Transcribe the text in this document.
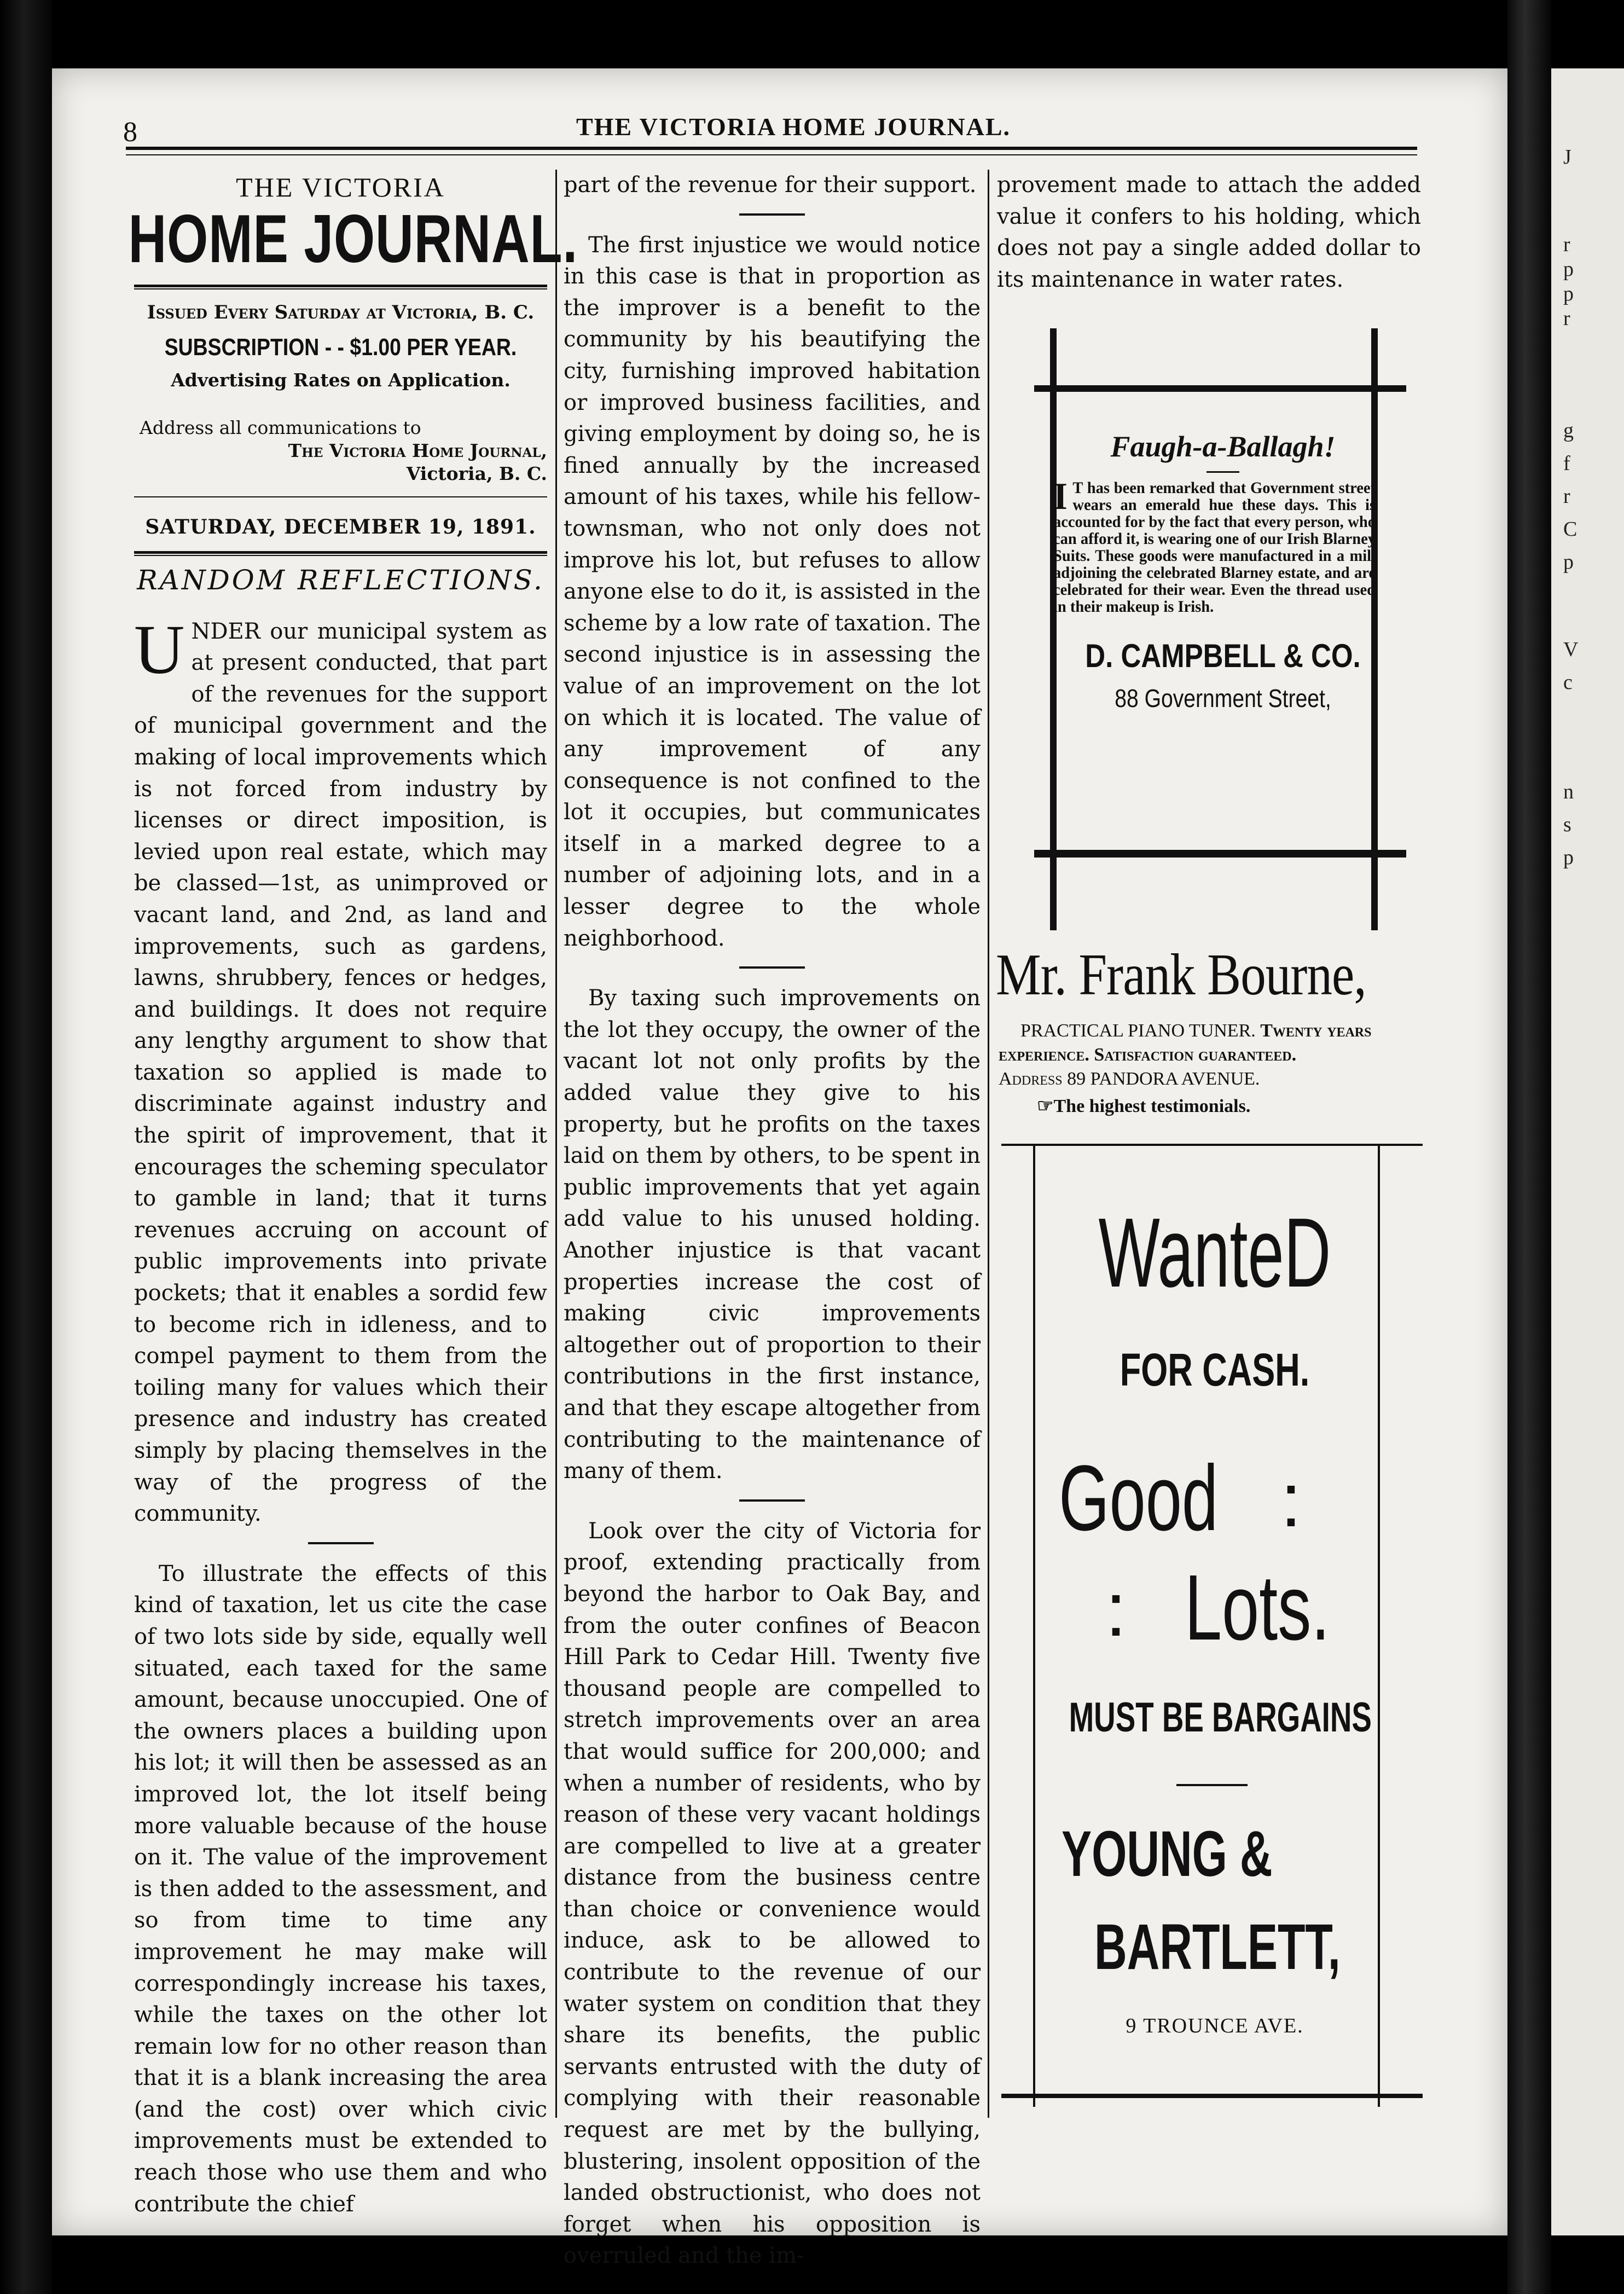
J
r
p
p
r
g
f
r
C
p
V
c
n
s
p
8	THE VICTORIA HOME JOURNAL.
THE VICTORIA
HOME JOURNAL.
Issued Every Saturday at Victoria, B. C.
SUBSCRIPTION - - $1.00 PER YEAR.
Advertising Rates on Application.
Address all communications to
The Victoria Home Journal,
Victoria, B. C.
SATURDAY, DECEMBER 19, 1891.
RANDOM REFLECTIONS.

UNDER our municipal system as at present conducted, that part of the revenues for the support of municipal government and the making of local improvements which is not forced from industry by licenses or direct imposition, is levied upon real estate, which may be classed—1st, as unimproved or vacant land, and 2nd, as land and improvements, such as gardens, lawns, shrubbery, fences or hedges, and buildings. It does not require any lengthy argument to show that taxation so applied is made to discriminate against industry and the spirit of improvement, that it encourages the scheming speculator to gamble in land; that it turns revenues accruing on account of public improvements into private pockets; that it enables a sordid few to become rich in idleness, and to compel payment to them from the toiling many for values which their presence and industry has created simply by placing themselves in the way of the progress of the community.

To illustrate the effects of this kind of taxation, let us cite the case of two lots side by side, equally well situated, each taxed for the same amount, because unoccupied. One of the owners places a building upon his lot; it will then be assessed as an improved lot, the lot itself being more valuable because of the house on it. The value of the improvement is then added to the assessment, and so from time to time any improvement he may make will correspondingly increase his taxes, while the taxes on the other lot remain low for no other reason than that it is a blank increasing the area (and the cost) over which civic improvements must be extended to reach those who use them and who contribute the chief

part of the revenue for their support.

The first injustice we would notice in this case is that in proportion as the improver is a benefit to the community by his beautifying the city, furnishing improved habitation or improved business facilities, and giving employment by doing so, he is fined annually by the increased amount of his taxes, while his fellow-townsman, who not only does not improve his lot, but refuses to allow anyone else to do it, is assisted in the scheme by a low rate of taxation. The second injustice is in assessing the value of an improvement on the lot on which it is located. The value of any improvement of any consequence is not confined to the lot it occupies, but communicates itself in a marked degree to a number of adjoining lots, and in a lesser degree to the whole neighborhood.

By taxing such improvements on the lot they occupy, the owner of the vacant lot not only profits by the added value they give to his property, but he profits on the taxes laid on them by others, to be spent in public improvements that yet again add value to his unused holding. Another injustice is that vacant properties increase the cost of making civic improvements altogether out of proportion to their contributions in the first instance, and that they escape altogether from contributing to the maintenance of many of them.

Look over the city of Victoria for proof, extending practically from beyond the harbor to Oak Bay, and from the outer confines of Beacon Hill Park to Cedar Hill. Twenty five thousand people are compelled to stretch improvements over an area that would suffice for 200,000; and when a number of residents, who by reason of these very vacant holdings are compelled to live at a greater distance from the business centre than choice or convenience would induce, ask to be allowed to contribute to the revenue of our water system on condition that they share its benefits, the public servants entrusted with the duty of complying with their reasonable request are met by the bullying, blustering, insolent opposition of the landed obstructionist, who does not forget when his opposition is overruled and the im-

provement made to attach the added value it confers to his holding, which does not pay a single added dollar to its maintenance in water rates.

Faugh-a-Ballagh!
I T has been remarked that Government street wears an emerald hue these days. This is accounted for by the fact that every person, who can afford it, is wearing one of our Irish Blarney Suits. These goods were manufactured in a mill adjoining the celebrated Blarney estate, and are celebrated for their wear. Even the thread used in their makeup is Irish.
D. CAMPBELL & CO.
88 Government Street,
Mr. Frank Bourne,
PRACTICAL PIANO TUNER. Twenty years experience. Satisfaction guaranteed.
Address 89 PANDORA AVENUE.
☞The highest testimonials.
WanteD
FOR CASH.
Good :
: Lots.
MUST BE BARGAINS
YOUNG &
BARTLETT,
9 TROUNCE AVE.
